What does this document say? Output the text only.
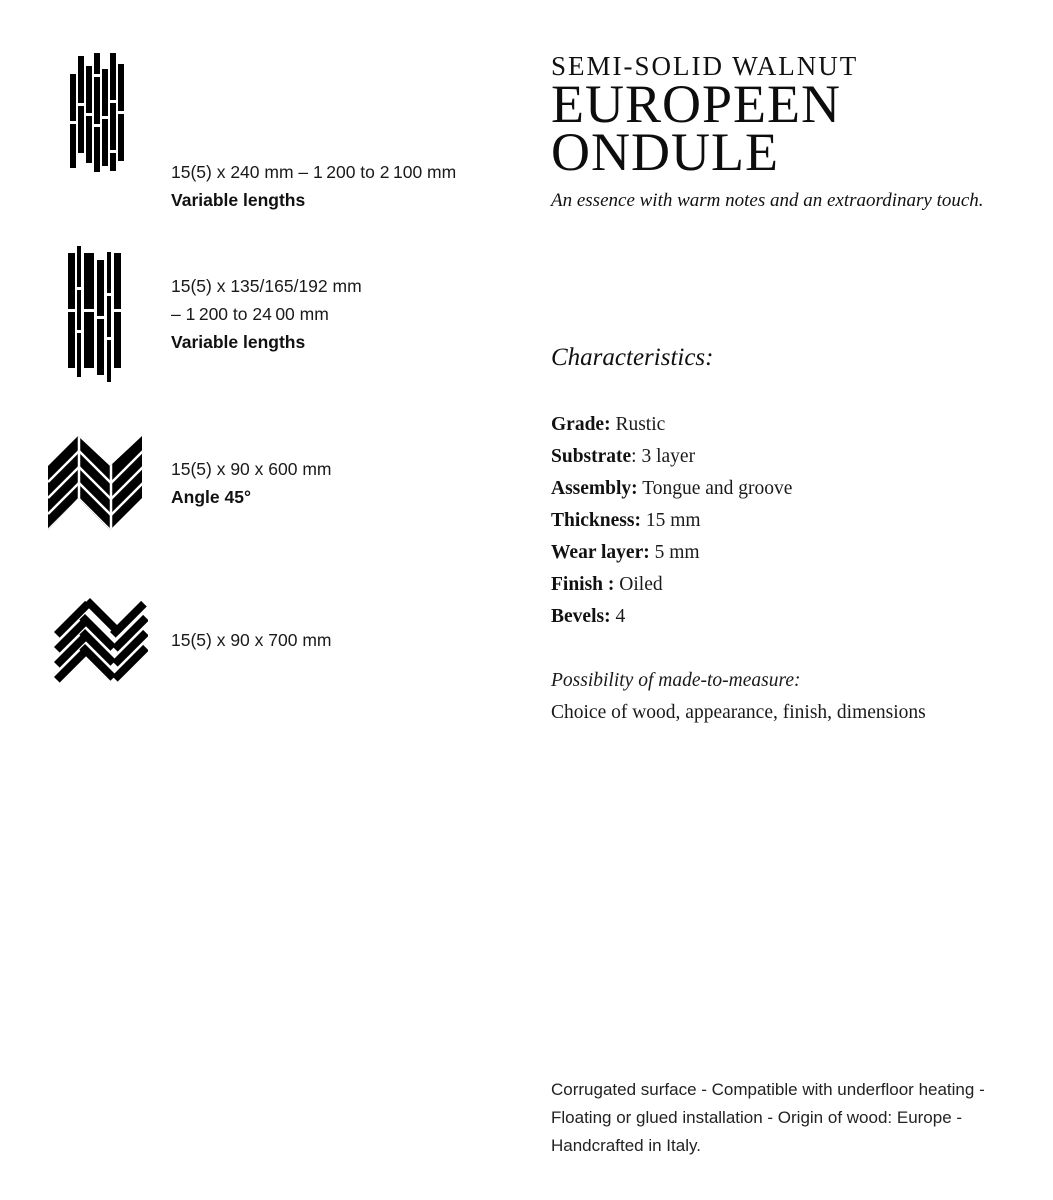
15(5) x 240 mm – 1 200 to 2 100 mm
Variable lengths
15(5) x 135/165/192 mm
– 1 200 to 24 00 mm
Variable lengths
15(5) x 90 x 600 mm
Angle 45°
15(5) x 90 x 700 mm
SEMI-SOLID WALNUT
EUROPEEN
ONDULE
An essence with warm notes and an extraordinary touch.
Characteristics:
Grade: Rustic
Substrate: 3 layer
Assembly: Tongue and groove
Thickness: 15 mm
Wear layer: 5 mm
Finish : Oiled
Bevels: 4
Possibility of made-to-measure:
Choice of wood, appearance, finish, dimensions
Corrugated surface - Compatible with underfloor heating - Floating or glued installation - Origin of wood: Europe - Handcrafted in Italy.
